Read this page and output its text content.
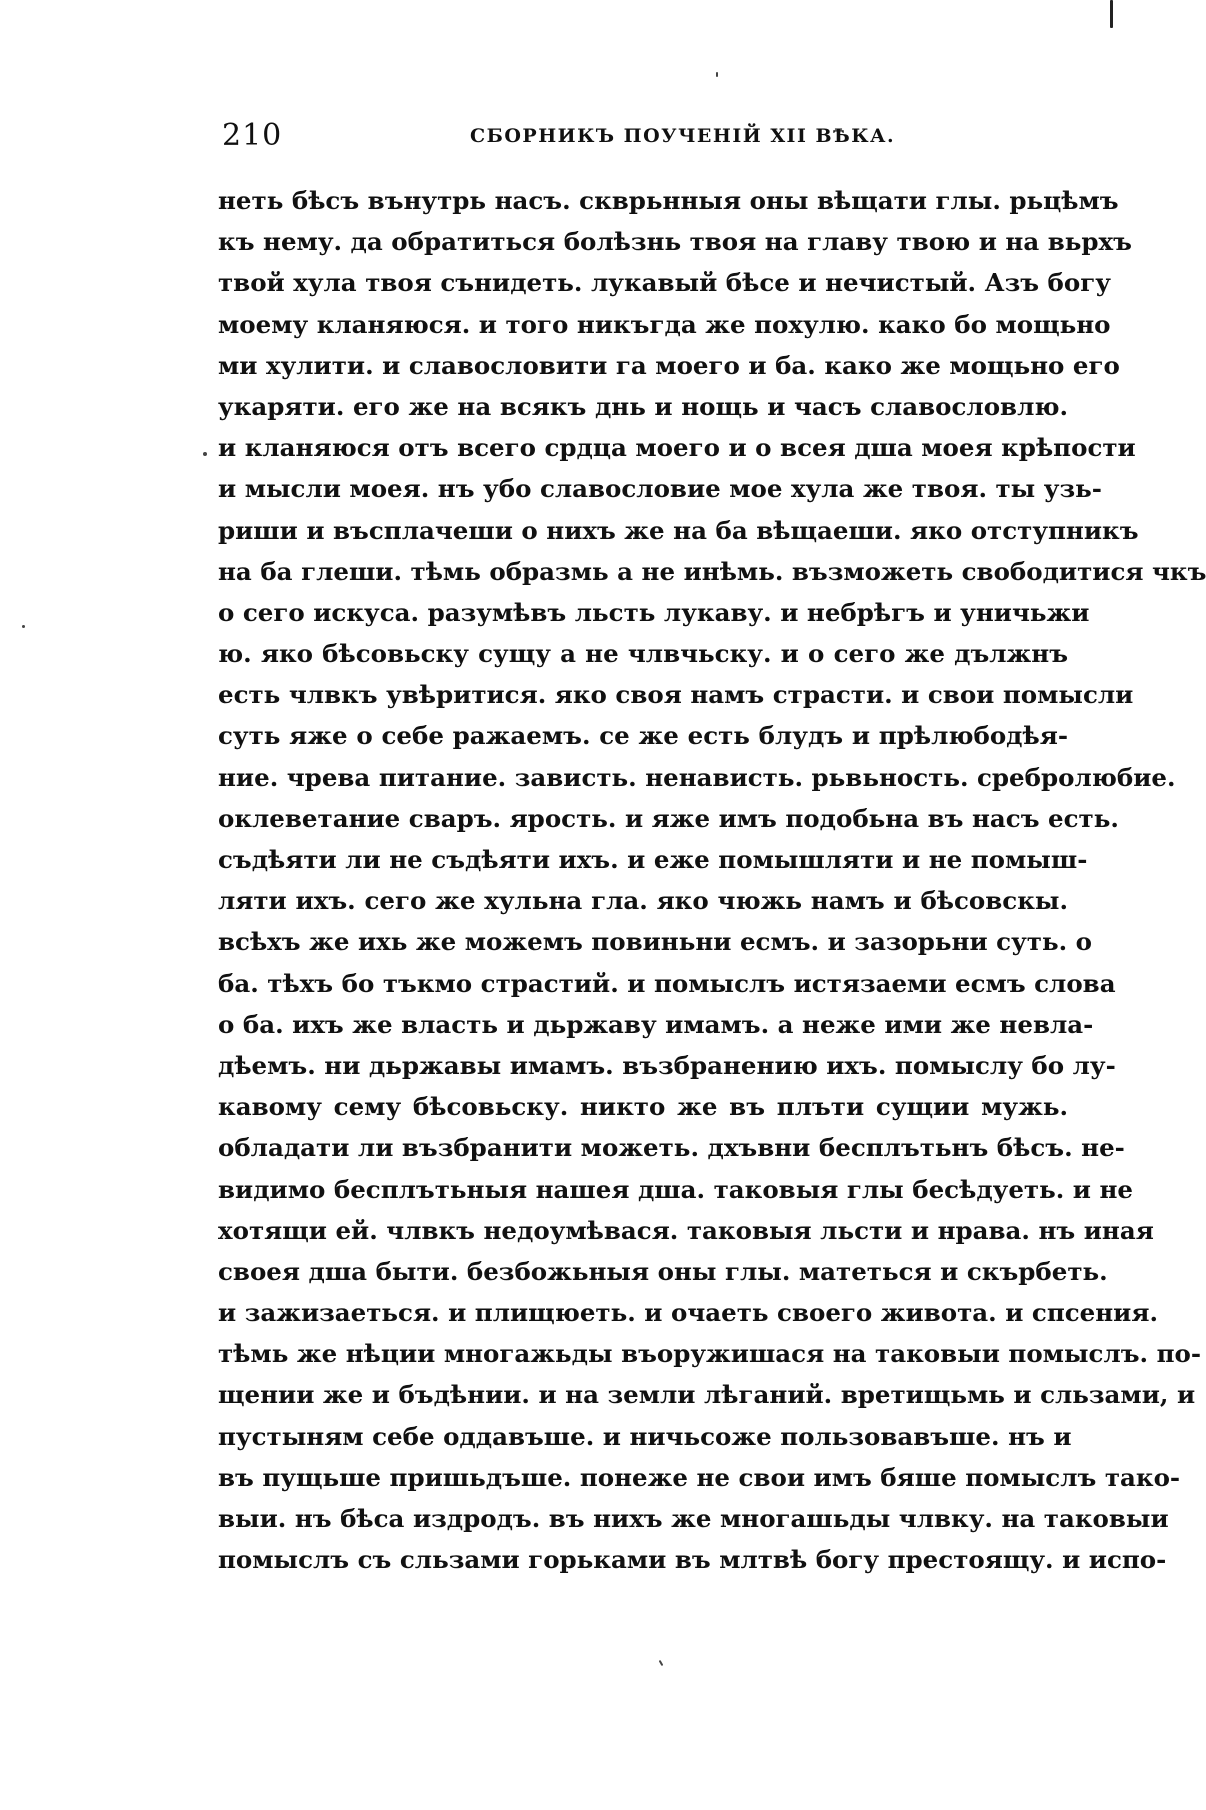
210	СБОРНИКЪ ПОУЧЕНІЙ XII ВѢКА.
неть бѣсъ вънутрь насъ. скврьнныя оны вѣщати глы. рьцѣмъ
къ нему. да обратиться болѣзнь твоя на главу твою и на вьрхъ
твой хула твоя сънидеть. лукавый бѣсе и нечистый. Азъ богу
моему кланяюся. и того никъгда же похулю. како бо мощьно
ми хулити. и славословити га моего и ба. како же мощьно его
укаряти. его же на всякъ днь и нощь и часъ славословлю.
и кланяюся отъ всего срдца моего и о всея дша моея крѣпости
и мысли моея. нъ убо славословие мое хула же твоя. ты узь-
риши и въсплачеши о нихъ же на ба вѣщаеши. яко отступникъ
на ба глеши. тѣмь образмь а не инѣмь. възможеть свободитися чкъ
о сего искуса. разумѣвъ льсть лукаву. и небрѣгъ и уничьжи
ю. яко бѣсовьску сущу а не члвчьску. и о сего же дължнъ
есть члвкъ увѣритися. яко своя намъ страсти. и свои помысли
суть яже о себе ражаемъ. се же есть блудъ и прѣлюбодѣя-
ние. чрева питание. зависть. ненависть. рьвьность. сребролюбие.
оклеветание сваръ. ярость. и яже имъ подобьна въ насъ есть.
съдѣяти ли не съдѣяти ихъ. и еже помышляти и не помыш-
ляти ихъ. сего же хульна гла. яко чюжь намъ и бѣсовскы.
всѣхъ же ихь же можемъ повиньни есмъ. и зазорьни суть. о
ба. тѣхъ бо тъкмо страстий. и помыслъ истязаеми есмъ слова
о ба. ихъ же власть и дьржаву имамъ. а неже ими же невла-
дѣемъ. ни дьржавы имамъ. възбранению ихъ. помыслу бо лу-
кавому сему бѣсовьску. никто же въ плъти сущии мужь.
обладати ли възбранити можеть. дхъвни бесплътьнъ бѣсъ. не-
видимо бесплътьныя нашея дша. таковыя глы бесѣдуеть. и не
хотящи ей. члвкъ недоумѣвася. таковыя льсти и нрава. нъ иная
своея дша быти. безбожьныя оны глы. матеться и скърбеть.
и зажизаеться. и плищюеть. и очаеть своего живота. и спсения.
тѣмь же нѣции многажьды въоружишася на таковыи помыслъ. по-
щении же и бъдѣнии. и на земли лѣганий. вретищьмь и сльзами, и
пустыням себе оддавъше. и ничьсоже пользовавъше. нъ и
въ пущьше пришьдъше. понеже не свои имъ бяше помыслъ тако-
выи. нъ бѣса издродъ. въ нихъ же многашьды члвку. на таковыи
помыслъ съ сльзами горьками въ млтвѣ богу престоящу. и испо-
